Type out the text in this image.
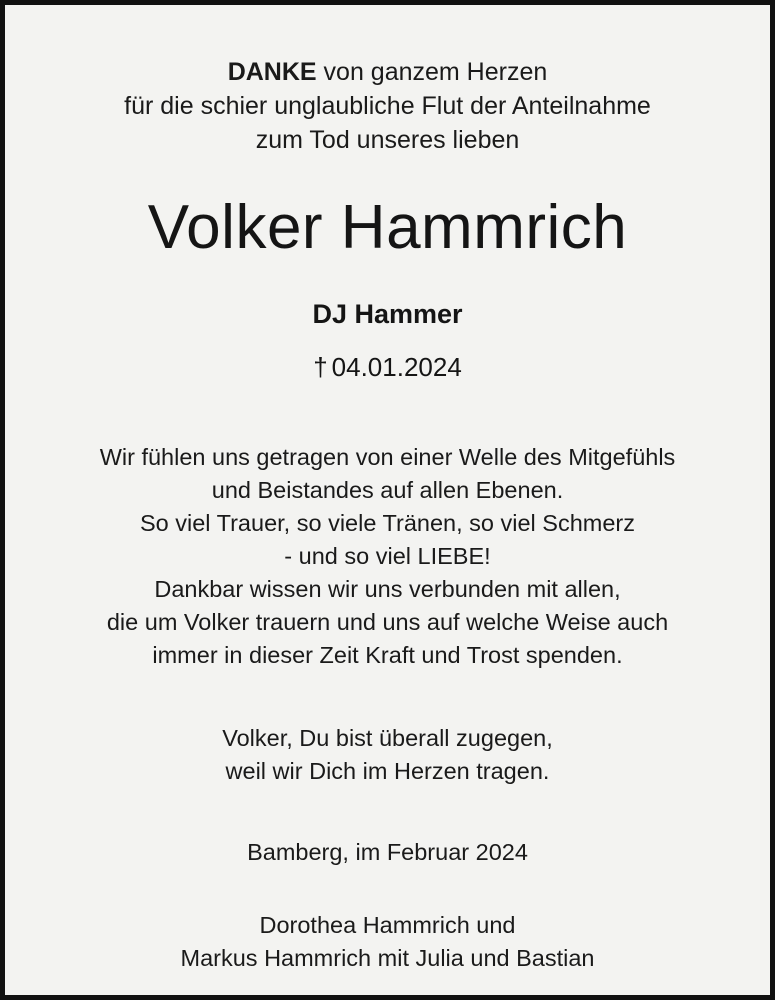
DANKE von ganzem Herzen
für die schier unglaubliche Flut der Anteilnahme
zum Tod unseres lieben
Volker Hammrich
DJ Hammer
† 04.01.2024
Wir fühlen uns getragen von einer Welle des Mitgefühls
und Beistandes auf allen Ebenen.
So viel Trauer, so viele Tränen, so viel Schmerz
- und so viel LIEBE!
Dankbar wissen wir uns verbunden mit allen,
die um Volker trauern und uns auf welche Weise auch
immer in dieser Zeit Kraft und Trost spenden.
Volker, Du bist überall zugegen,
weil wir Dich im Herzen tragen.
Bamberg, im Februar 2024
Dorothea Hammrich und
Markus Hammrich mit Julia und Bastian
